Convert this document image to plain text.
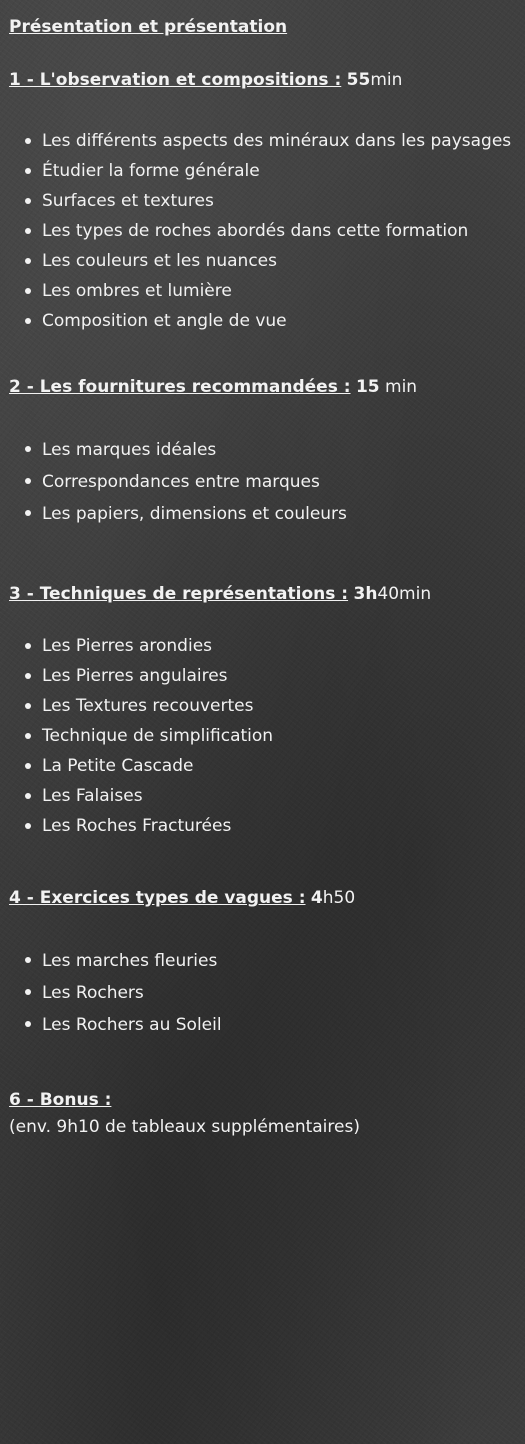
Présentation et présentation

1 - L'observation et compositions : 55min

Les différents aspects des minéraux dans les paysages
Étudier la forme générale
Surfaces et textures
Les types de roches abordés dans cette formation
Les couleurs et les nuances
Les ombres et lumière
Composition et angle de vue

2 - Les fournitures recommandées : 15 min

Les marques idéales
Correspondances entre marques
Les papiers, dimensions et couleurs

3 - Techniques de représentations : 3h40min

Les Pierres arondies
Les Pierres angulaires
Les Textures recouvertes
Technique de simplification
La Petite Cascade
Les Falaises
Les Roches Fracturées

4 - Exercices types de vagues : 4h50

Les marches fleuries
Les Rochers
Les Rochers au Soleil

6 - Bonus :

(env. 9h10 de tableaux supplémentaires)
